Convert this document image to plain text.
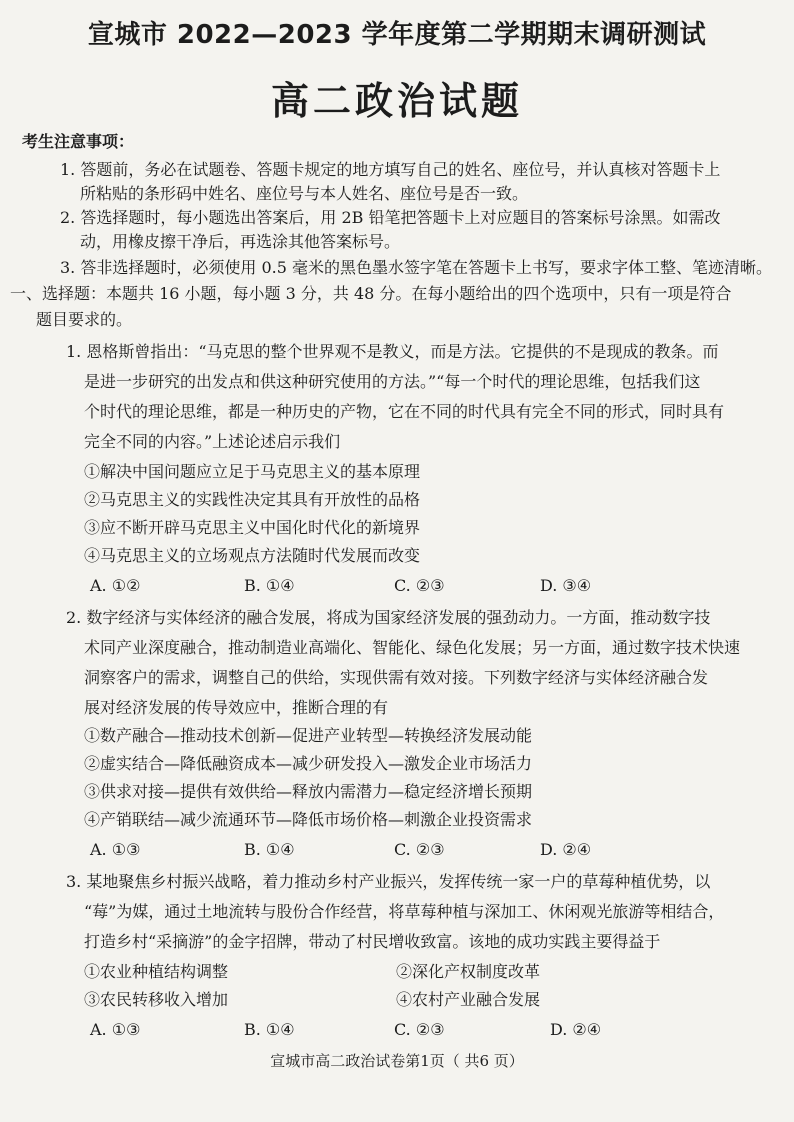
宣城市 2022—2023 学年度第二学期期末调研测试
高二政治试题
考生注意事项：
1. 答题前，务必在试题卷、答题卡规定的地方填写自己的姓名、座位号，并认真核对答题卡上
所粘贴的条形码中姓名、座位号与本人姓名、座位号是否一致。
2. 答选择题时，每小题选出答案后，用 2B 铅笔把答题卡上对应题目的答案标号涂黑。如需改
动，用橡皮擦干净后，再选涂其他答案标号。
3. 答非选择题时，必须使用 0.5 毫米的黑色墨水签字笔在答题卡上书写，要求字体工整、笔迹清晰。
一、选择题：本题共 16 小题，每小题 3 分，共 48 分。在每小题给出的四个选项中，只有一项是符合
题目要求的。
1. 恩格斯曾指出：“马克思的整个世界观不是教义，而是方法。它提供的不是现成的教条。而
是进一步研究的出发点和供这种研究使用的方法。”“每一个时代的理论思维，包括我们这
个时代的理论思维，都是一种历史的产物，它在不同的时代具有完全不同的形式，同时具有
完全不同的内容。”上述论述启示我们
①解决中国问题应立足于马克思主义的基本原理
②马克思主义的实践性决定其具有开放性的品格
③应不断开辟马克思主义中国化时代化的新境界
④马克思主义的立场观点方法随时代发展而改变
A. ①②	B. ①④	C. ②③	D. ③④
2. 数字经济与实体经济的融合发展，将成为国家经济发展的强劲动力。一方面，推动数字技
术同产业深度融合，推动制造业高端化、智能化、绿色化发展；另一方面，通过数字技术快速
洞察客户的需求，调整自己的供给，实现供需有效对接。下列数字经济与实体经济融合发
展对经济发展的传导效应中，推断合理的有
①数产融合—推动技术创新—促进产业转型—转换经济发展动能
②虚实结合—降低融资成本—减少研发投入—激发企业市场活力
③供求对接—提供有效供给—释放内需潜力—稳定经济增长预期
④产销联结—减少流通环节—降低市场价格—刺激企业投资需求
A. ①③	B. ①④	C. ②③	D. ②④
3. 某地聚焦乡村振兴战略，着力推动乡村产业振兴，发挥传统一家一户的草莓种植优势，以
“莓”为媒，通过土地流转与股份合作经营，将草莓种植与深加工、休闲观光旅游等相结合，
打造乡村“采摘游”的金字招牌，带动了村民增收致富。该地的成功实践主要得益于
①农业种植结构调整	②深化产权制度改革
③农民转移收入增加	④农村产业融合发展
A. ①③	B. ①④	C. ②③	D. ②④
宣城市高二政治试卷第1页（ 共6 页）
